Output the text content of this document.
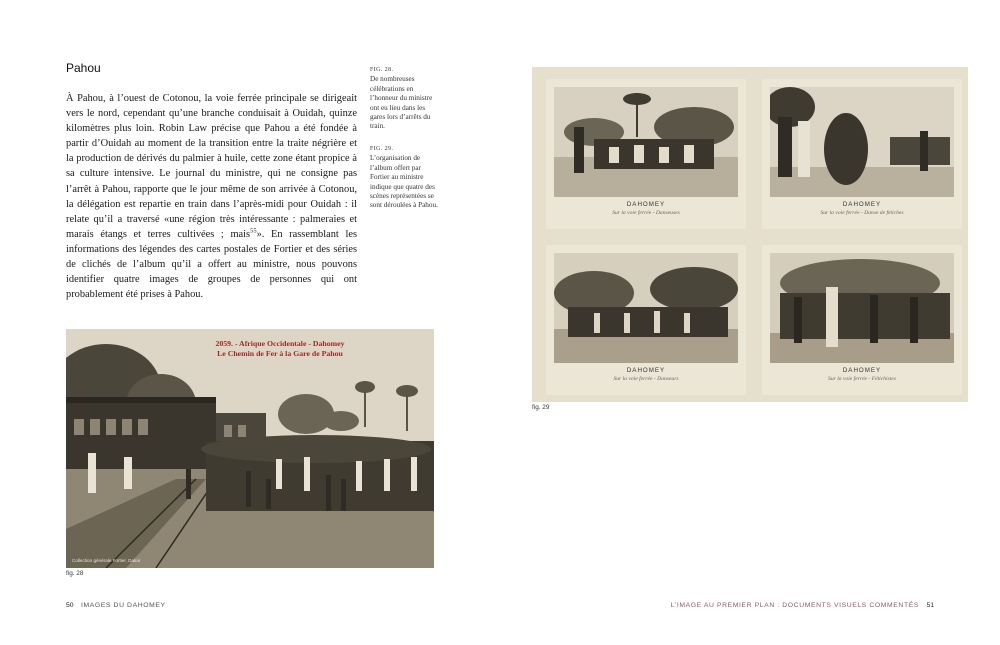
Pahou

À Pahou, à l’ouest de Cotonou, la voie ferrée principale se dirigeait vers le nord, cependant qu’une branche conduisait à Ouidah, quinze kilomètres plus loin. Robin Law précise que Pahou a été fondée à partir d’Ouidah au moment de la transition entre la traite négrière et la production de dérivés du palmier à huile, cette zone étant propice à sa culture intensive. Le journal du ministre, qui ne consigne pas l’arrêt à Pahou, rapporte que le jour même de son arrivée à Cotonou, la délégation est repartie en train dans l’après-midi pour Ouidah : il relate qu’il a traversé «une région très intéressante : palmeraies et marais étangs et terres cultivées ; mais$^{55}$». En rassemblant les informations des légendes des cartes postales de Fortier et des séries de clichés de l’album qu’il a offert au ministre, nous pouvons identifier quatre images de groupes de personnes qui ont probablement été prises à Pahou.

FIG. 28.
De nombreuses célébrations en l’honneur du ministre ont eu lieu dans les gares lors d’arrêts du train.
FIG. 29.
L’organisation de l’album offert par Fortier au ministre indique que quatre des scènes représentées se sont déroulées à Pahou.
2059. - Afrique Occidentale - Dahomey
Le Chemin de Fer à la Gare de Pahou
Collection générale Fortier, Dakar
fig. 28
DAHOMEY
Sur la voie ferrée - Danseuses
DAHOMEY
Sur la voie ferrée - Danse de fétiches
DAHOMEY
Sur la voie ferrée - Danseurs
DAHOMEY
Sur la voie ferrée - Fétichistes
fig. 29
50 IMAGES DU DAHOMEY	L’IMAGE AU PREMIER PLAN : DOCUMENTS VISUELS COMMENTÉS 51
